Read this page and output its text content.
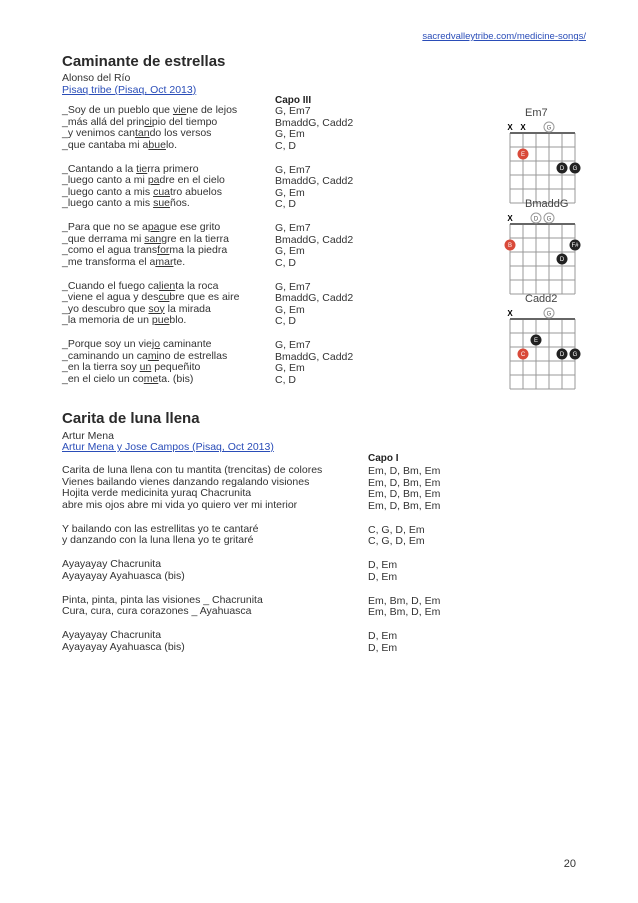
sacredvalleytribe.com/medicine-songs/
Caminante de estrellas
Alonso del Río
Pisaq tribe (Pisaq, Oct 2013)
Capo III
_Soy de un pueblo que viene de lejos	G, Em7
_más allá del principio del tiempo	BmaddG, Cadd2
_y venimos cantando los versos	G, Em
_que cantaba mi abuelo.	C, D
_Cantando a la tierra primero	G, Em7
_luego canto a mi padre en el cielo	BmaddG, Cadd2
_luego canto a mis cuatro abuelos	G, Em
_luego canto a mis sueños.	C, D
_Para que no se apague ese grito	G, Em7
_que derrama mi sangre en la tierra	BmaddG, Cadd2
_como el agua transforma la piedra	G, Em
_me transforma el amarte.	C, D
_Cuando el fuego calienta la roca	G, Em7
_viene el agua y descubre que es aire	BmaddG, Cadd2
_yo descubro que soy la mirada	G, Em
_la memoria de un pueblo.	C, D
_Porque soy un viejo caminante	G, Em7
_caminando un camino de estrellas	BmaddG, Cadd2
_en la tierra soy un pequeñito	G, Em
_en el cielo un cometa. (bis)	C, D
Em7
X X	G
E
D G
BmaddG
X	D G
B	F#
D
Cadd2
X	G
E
C	D G
Carita de luna llena
Artur Mena
Artur Mena y Jose Campos (Pisaq, Oct 2013)
Capo I
Carita de luna llena con tu mantita (trencitas) de colores	Em, D, Bm, Em
Vienes bailando vienes danzando regalando visiones	Em, D, Bm, Em
Hojita verde medicinita yuraq Chacrunita	Em, D, Bm, Em
abre mis ojos abre mi vida yo quiero ver mi interior	Em, D, Bm, Em
Y bailando con las estrellitas yo te cantaré	C, G, D, Em
y danzando con la luna llena yo te gritaré	C, G, D, Em
Ayayayay Chacrunita	D, Em
Ayayayay Ayahuasca (bis)	D, Em
Pinta, pinta, pinta las visiones _ Chacrunita	Em, Bm, D, Em
Cura, cura, cura corazones _ Ayahuasca	Em, Bm, D, Em
Ayayayay Chacrunita	D, Em
Ayayayay Ayahuasca (bis)	D, Em
20
